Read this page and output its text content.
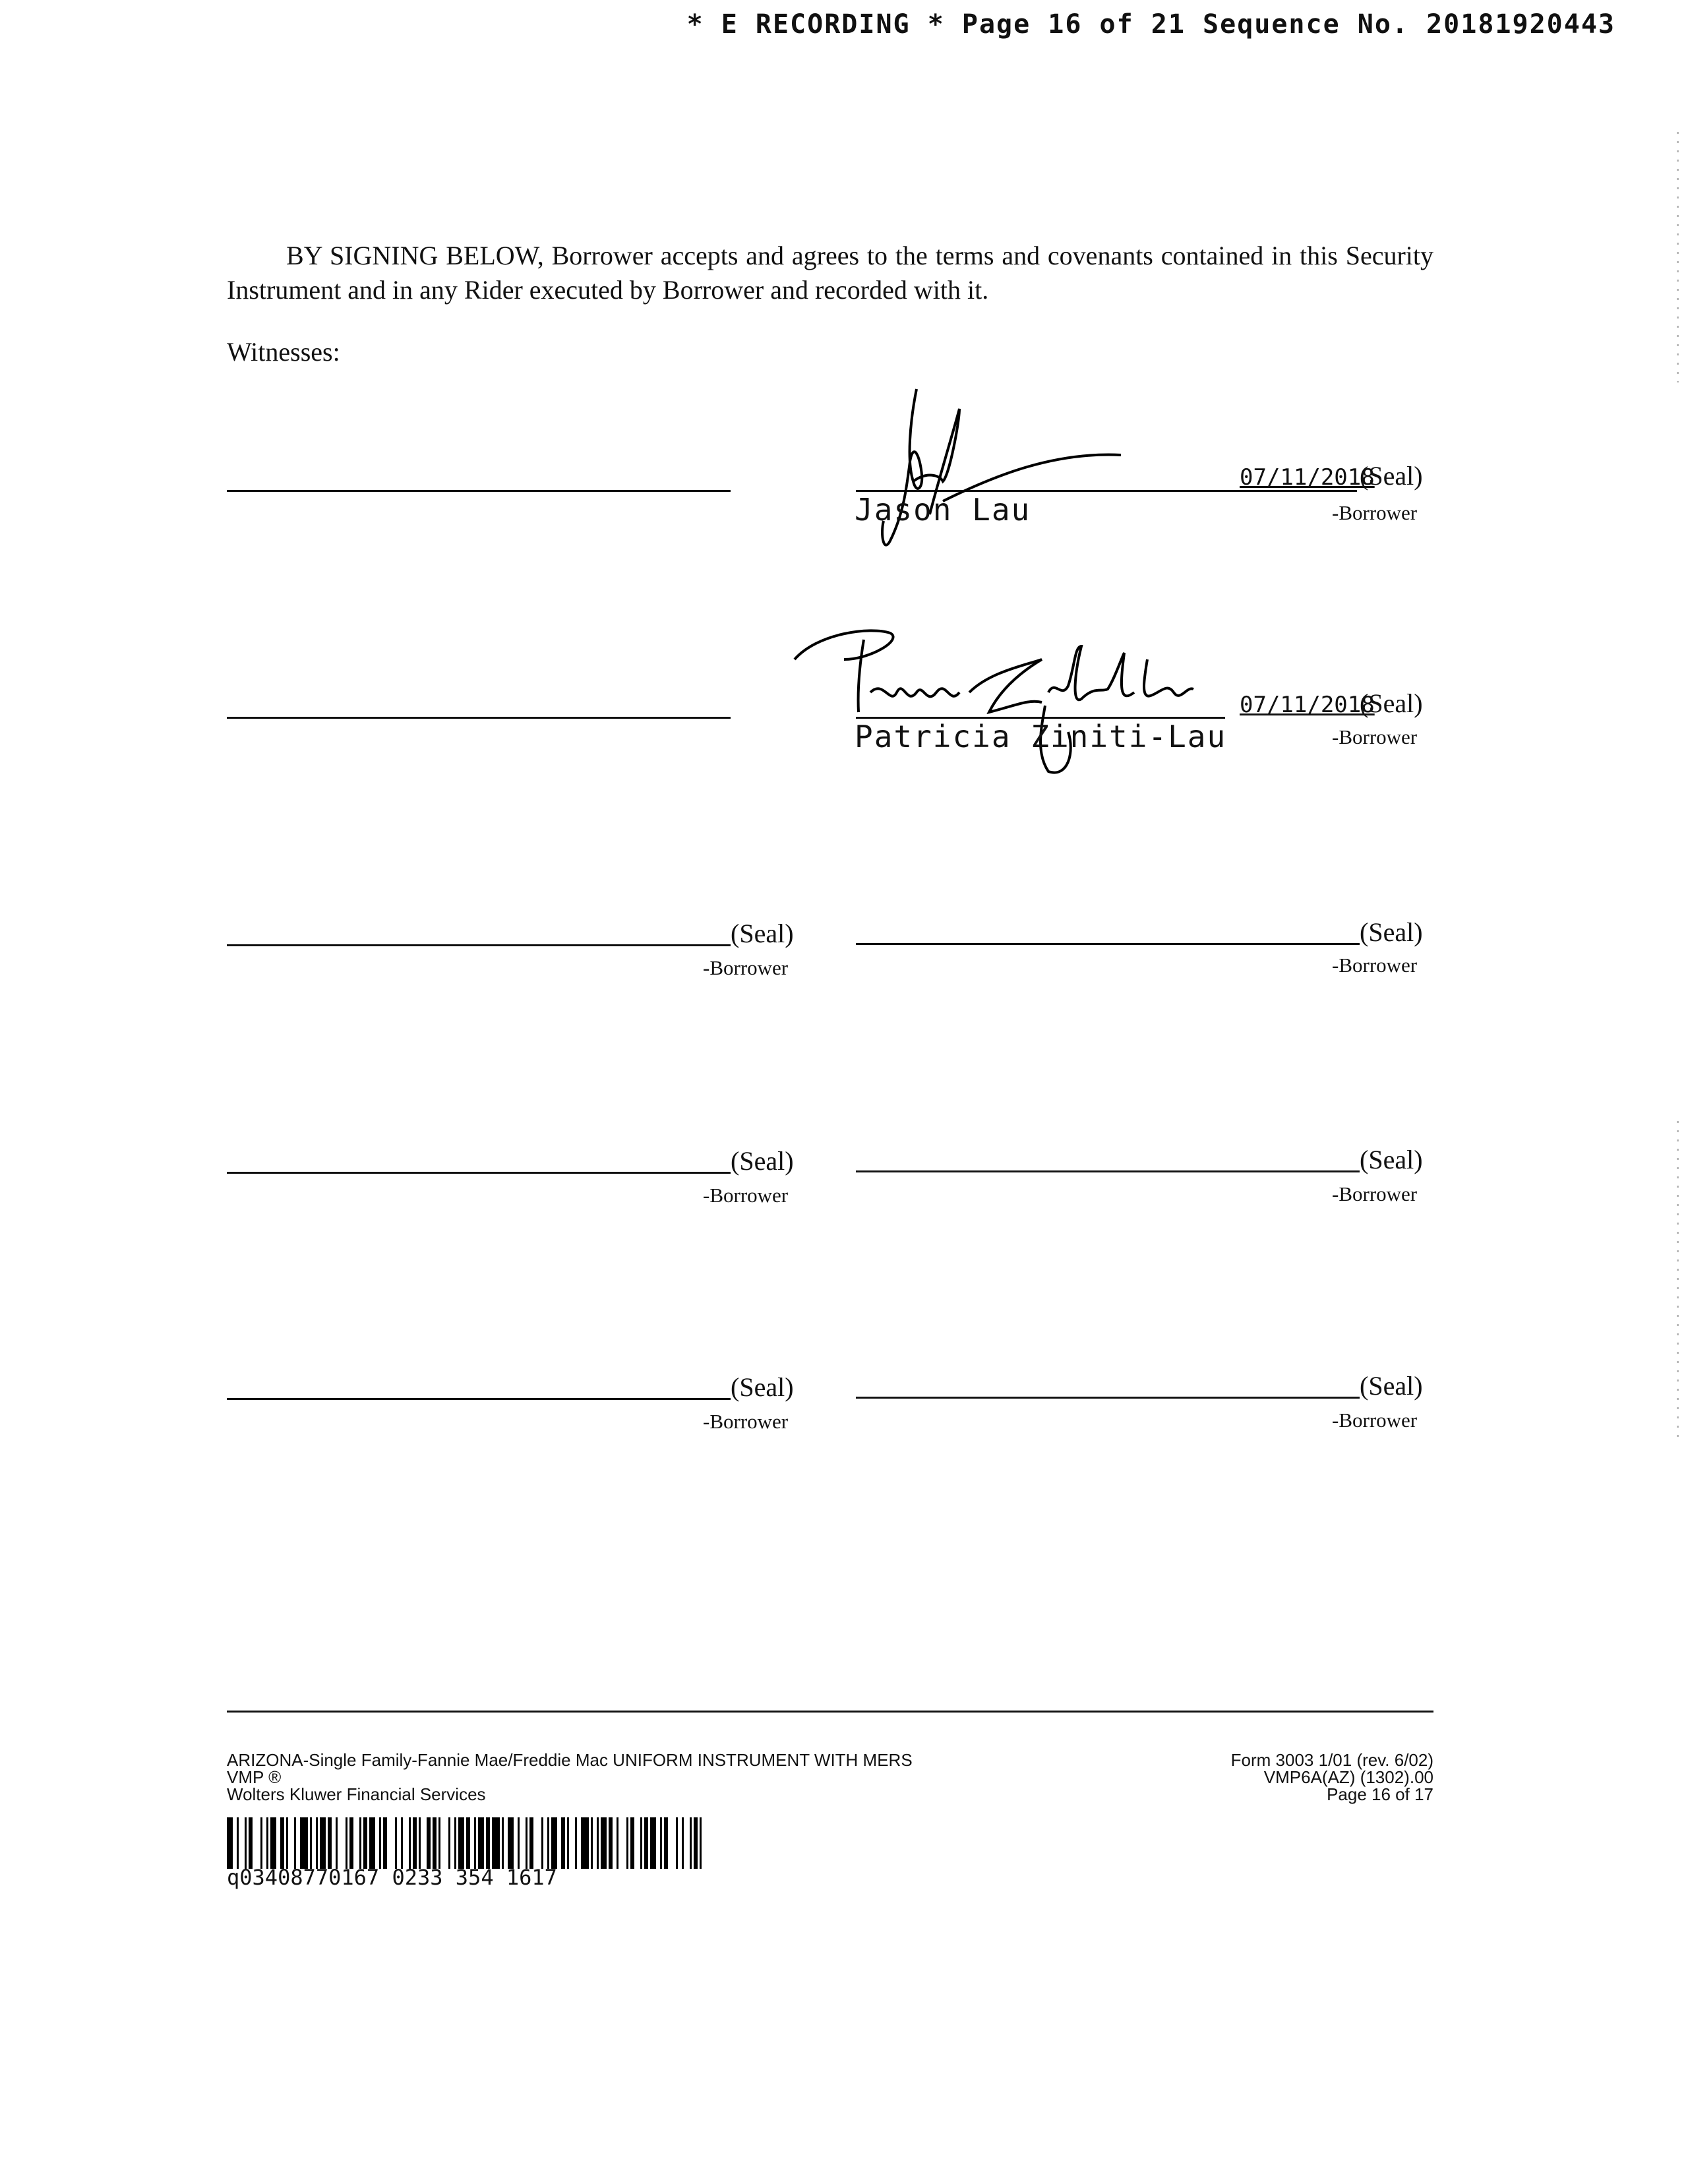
* E RECORDING * Page 16 of 21 Sequence No. 20181920443
BY SIGNING BELOW, Borrower accepts and agrees to the terms and covenants contained in this Security Instrument and in any Rider executed by Borrower and recorded with it.
Witnesses:
07/11/2018
(Seal)
Jason Lau	-Borrower
07/11/2018
(Seal)
Patricia Ziniti-Lau	-Borrower
(Seal)
-Borrower
(Seal)
-Borrower
(Seal)
-Borrower
(Seal)
-Borrower
(Seal)
-Borrower
(Seal)
-Borrower
ARIZONA-Single Family-Fannie Mae/Freddie Mac UNIFORM INSTRUMENT WITH MERS
VMP ®
Wolters Kluwer Financial Services
Form 3003 1/01 (rev. 6/02)
VMP6A(AZ) (1302).00
Page 16 of 17
q03408770167 0233 354 1617
